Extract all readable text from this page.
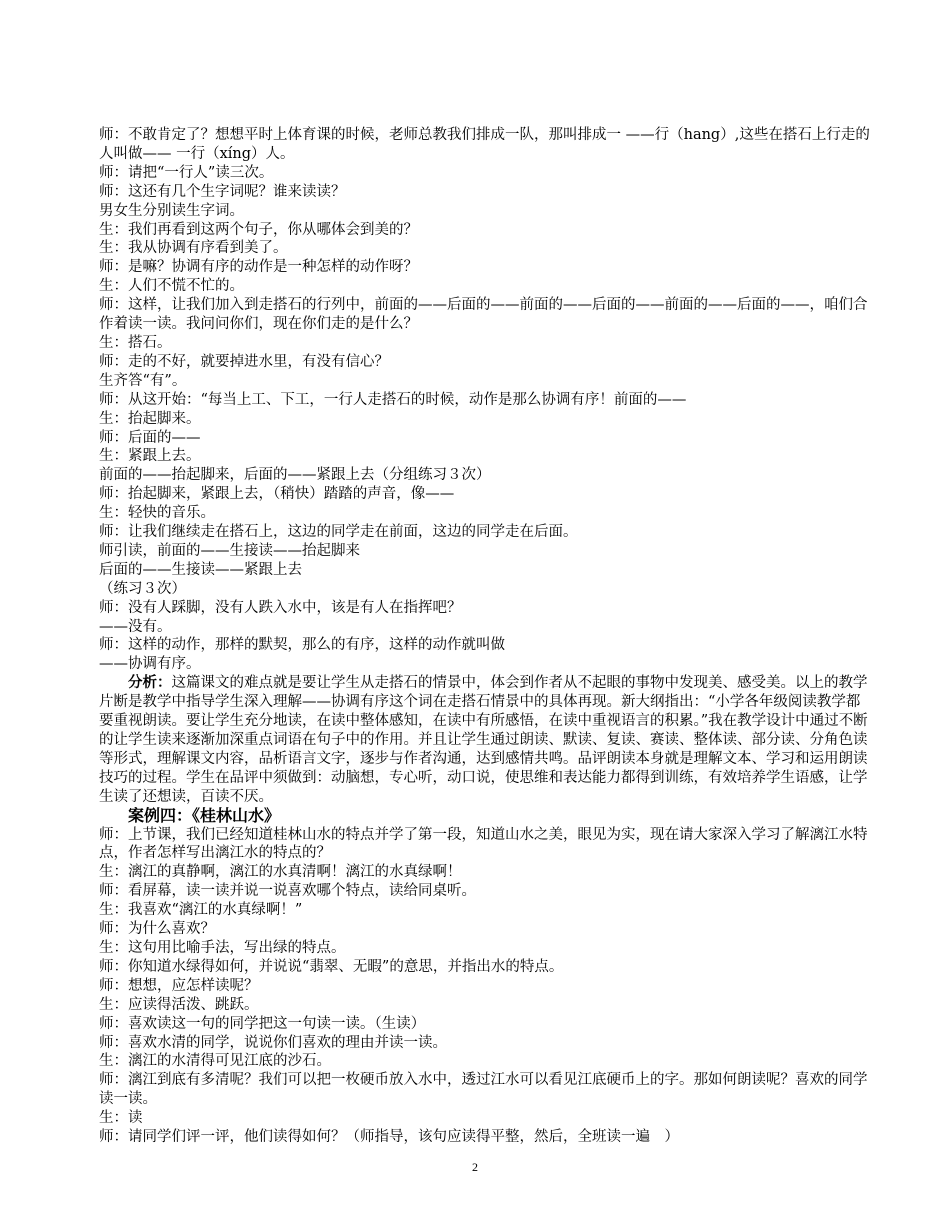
师：不敢肯定了？想想平时上体育课的时候，老师总教我们排成一队，那叫排成一 ——行（hang）,这些在搭石上行走的人叫做—— 一行（xíng）人。
师：请把“一行人”读三次。
师：这还有几个生字词呢？谁来读读？
男女生分别读生字词。
生：我们再看到这两个句子，你从哪体会到美的？
生：我从协调有序看到美了。
师：是嘛？协调有序的动作是一种怎样的动作呀？
生：人们不慌不忙的。
师：这样，让我们加入到走搭石的行列中，前面的——后面的——前面的——后面的——前面的——后面的——，咱们合作着读一读。我问问你们，现在你们走的是什么？
生：搭石。
师：走的不好，就要掉进水里，有没有信心？
生齐答“有”。
师：从这开始：“每当上工、下工，一行人走搭石的时候，动作是那么协调有序！前面的——
生：抬起脚来。
师：后面的——
生：紧跟上去。
前面的——抬起脚来，后面的——紧跟上去（分组练习３次）
师：抬起脚来，紧跟上去，（稍快）踏踏的声音，像——
生：轻快的音乐。
师：让我们继续走在搭石上，这边的同学走在前面，这边的同学走在后面。
师引读，前面的——生接读——抬起脚来
后面的——生接读——紧跟上去
（练习３次）
师：没有人踩脚，没有人跌入水中，该是有人在指挥吧？
——没有。
师：这样的动作，那样的默契，那么的有序，这样的动作就叫做
——协调有序。
分析：这篇课文的难点就是要让学生从走搭石的情景中，体会到作者从不起眼的事物中发现美、感受美。以上的教学片断是教学中指导学生深入理解——协调有序这个词在走搭石情景中的具体再现。新大纲指出：“小学各年级阅读教学都要重视朗读。要让学生充分地读，在读中整体感知，在读中有所感悟，在读中重视语言的积累。”我在教学设计中通过不断的让学生读来逐渐加深重点词语在句子中的作用。并且让学生通过朗读、默读、复读、赛读、整体读、部分读、分角色读等形式，理解课文内容，品析语言文字，逐步与作者沟通，达到感情共鸣。品评朗读本身就是理解文本、学习和运用朗读技巧的过程。学生在品评中须做到：动脑想，专心听，动口说，使思维和表达能力都得到训练，有效培养学生语感，让学生读了还想读，百读不厌。
案例四：《桂林山水》
师：上节课，我们已经知道桂林山水的特点并学了第一段，知道山水之美，眼见为实，现在请大家深入学习了解漓江水特点，作者怎样写出漓江水的特点的？
生：漓江的真静啊，漓江的水真清啊！漓江的水真绿啊！
师：看屏幕，读一读并说一说喜欢哪个特点，读给同桌听。
生：我喜欢“漓江的水真绿啊！”
师：为什么喜欢？
生：这句用比喻手法，写出绿的特点。
师：你知道水绿得如何，并说说“翡翠、无暇”的意思，并指出水的特点。
师：想想，应怎样读呢？
生：应读得活泼、跳跃。
师：喜欢读这一句的同学把这一句读一读。（生读）
师：喜欢水清的同学，说说你们喜欢的理由并读一读。
生：漓江的水清得可见江底的沙石。
师：漓江到底有多清呢？我们可以把一枚硬币放入水中，透过江水可以看见江底硬币上的字。那如何朗读呢？喜欢的同学读一读。
生：读
师：请同学们评一评，他们读得如何？（师指导，该句应读得平整，然后，全班读一遍　）
2
